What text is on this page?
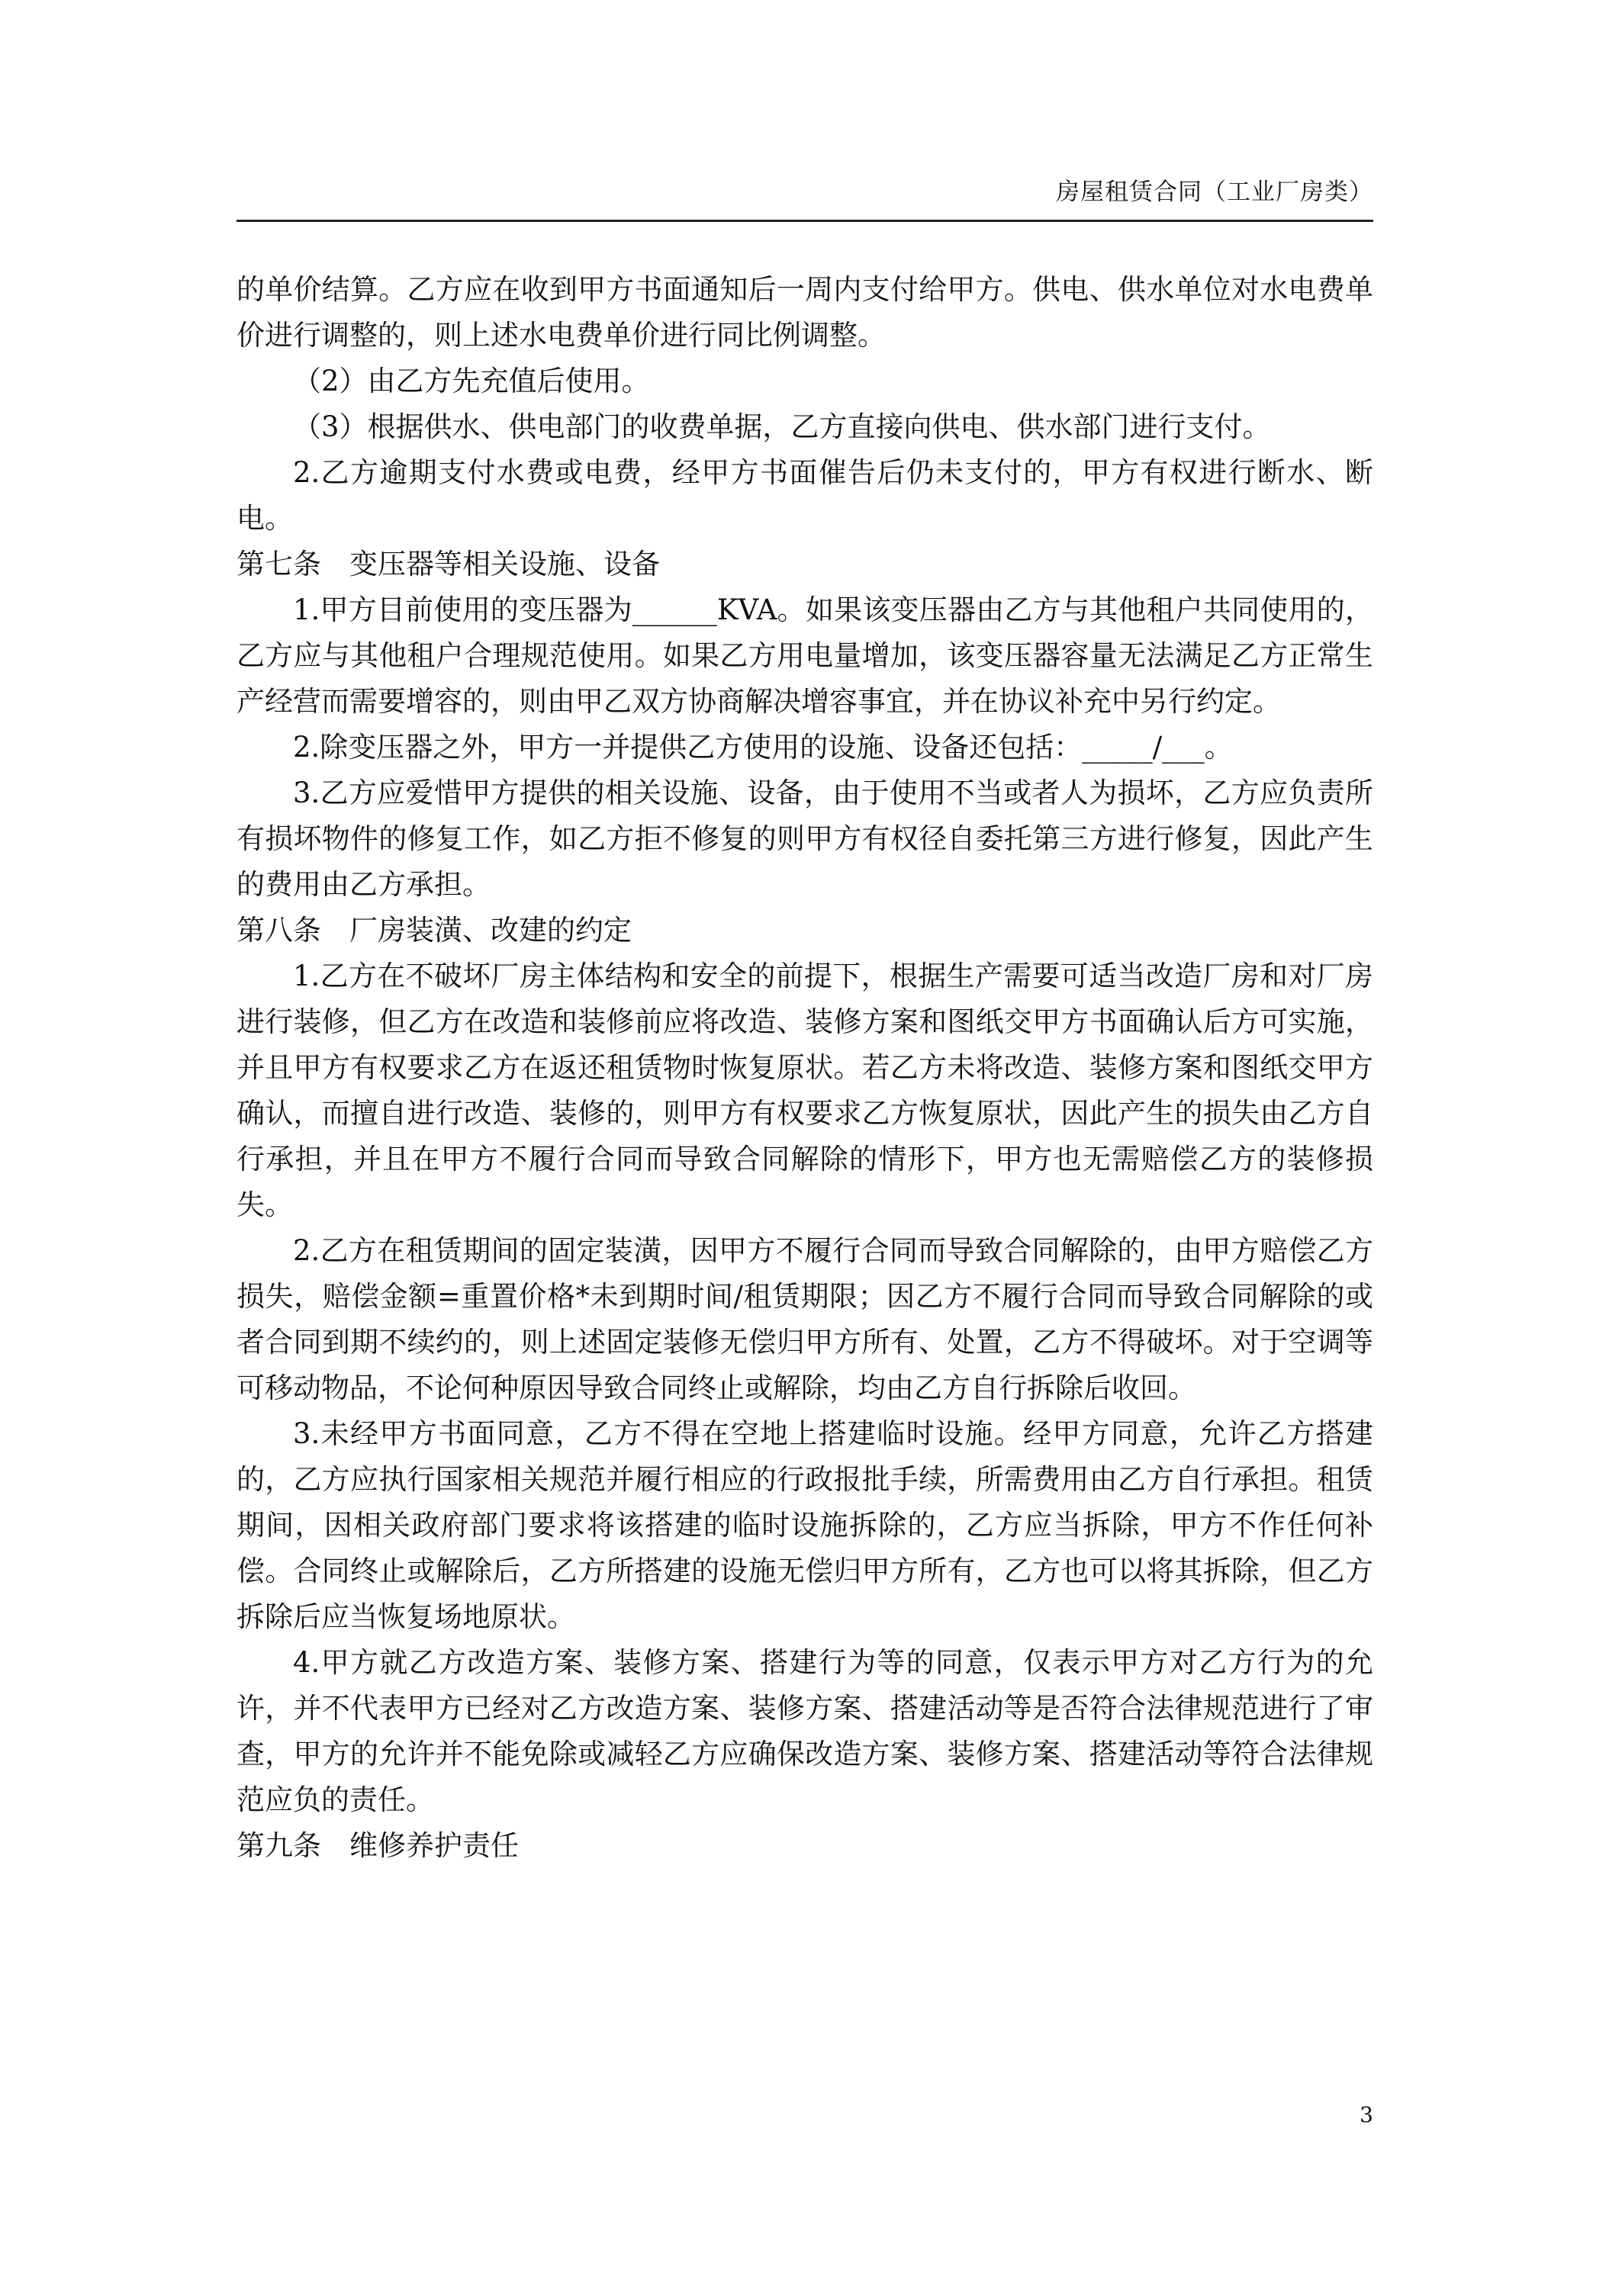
房屋租赁合同（工业厂房类）

的单价结算。乙方应在收到甲方书面通知后一周内支付给甲方。供电、供水单位对水电费单价进行调整的，则上述水电费单价进行同比例调整。

（2）由乙方先充值后使用。

（3）根据供水、供电部门的收费单据，乙方直接向供电、供水部门进行支付。

2.乙方逾期支付水费或电费，经甲方书面催告后仍未支付的，甲方有权进行断水、断电。

第七条　变压器等相关设施、设备

1.甲方目前使用的变压器为______KVA。如果该变压器由乙方与其他租户共同使用的，乙方应与其他租户合理规范使用。如果乙方用电量增加，该变压器容量无法满足乙方正常生产经营而需要增容的，则由甲乙双方协商解决增容事宜，并在协议补充中另行约定。

2.除变压器之外，甲方一并提供乙方使用的设施、设备还包括：_____/___。

3.乙方应爱惜甲方提供的相关设施、设备，由于使用不当或者人为损坏，乙方应负责所有损坏物件的修复工作，如乙方拒不修复的则甲方有权径自委托第三方进行修复，因此产生的费用由乙方承担。

第八条　厂房装潢、改建的约定

1.乙方在不破坏厂房主体结构和安全的前提下，根据生产需要可适当改造厂房和对厂房进行装修，但乙方在改造和装修前应将改造、装修方案和图纸交甲方书面确认后方可实施，并且甲方有权要求乙方在返还租赁物时恢复原状。若乙方未将改造、装修方案和图纸交甲方确认，而擅自进行改造、装修的，则甲方有权要求乙方恢复原状，因此产生的损失由乙方自行承担，并且在甲方不履行合同而导致合同解除的情形下，甲方也无需赔偿乙方的装修损失。

2.乙方在租赁期间的固定装潢，因甲方不履行合同而导致合同解除的，由甲方赔偿乙方损失，赔偿金额=重置价格*未到期时间/租赁期限；因乙方不履行合同而导致合同解除的或者合同到期不续约的，则上述固定装修无偿归甲方所有、处置，乙方不得破坏。对于空调等可移动物品，不论何种原因导致合同终止或解除，均由乙方自行拆除后收回。

3.未经甲方书面同意，乙方不得在空地上搭建临时设施。经甲方同意，允许乙方搭建的，乙方应执行国家相关规范并履行相应的行政报批手续，所需费用由乙方自行承担。租赁期间，因相关政府部门要求将该搭建的临时设施拆除的，乙方应当拆除，甲方不作任何补偿。合同终止或解除后，乙方所搭建的设施无偿归甲方所有，乙方也可以将其拆除，但乙方拆除后应当恢复场地原状。

4.甲方就乙方改造方案、装修方案、搭建行为等的同意，仅表示甲方对乙方行为的允许，并不代表甲方已经对乙方改造方案、装修方案、搭建活动等是否符合法律规范进行了审查，甲方的允许并不能免除或减轻乙方应确保改造方案、装修方案、搭建活动等符合法律规范应负的责任。

第九条　维修养护责任

3
